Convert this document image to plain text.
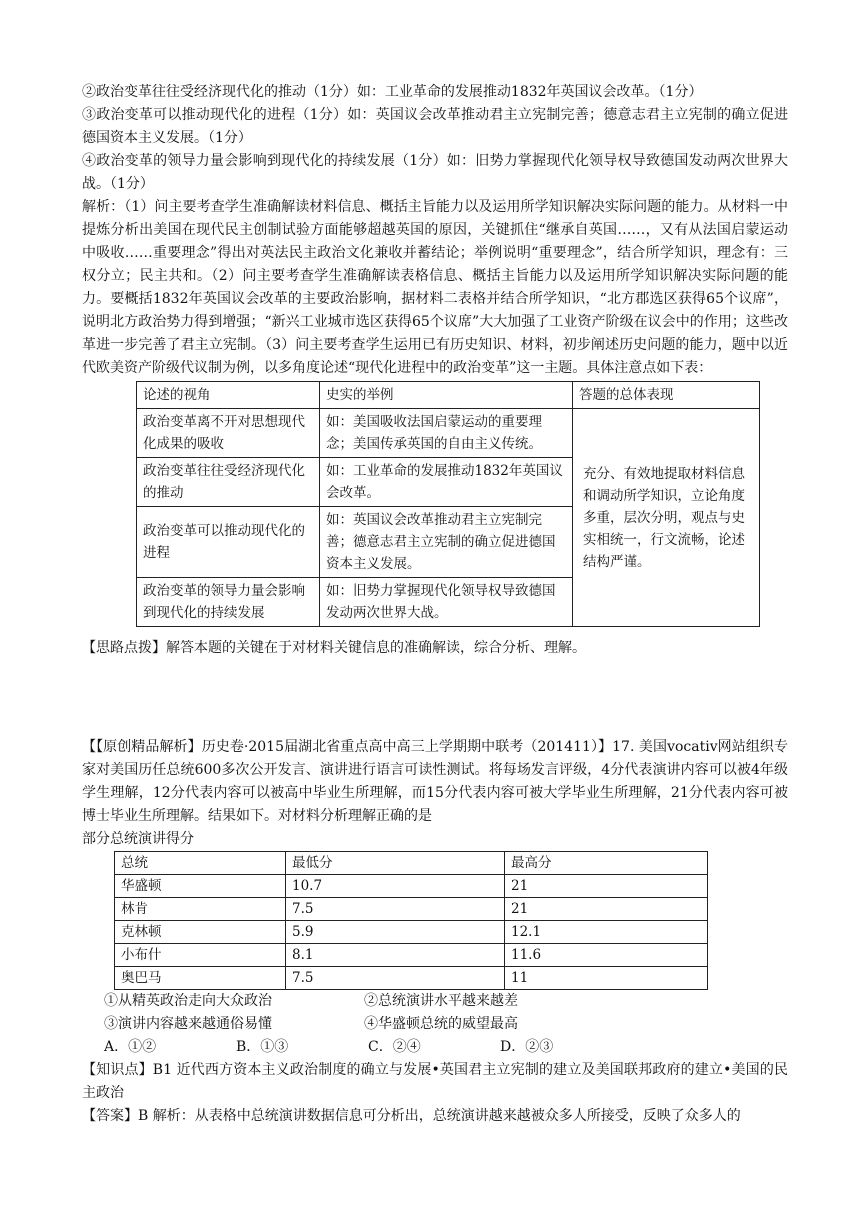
②政治变革往往受经济现代化的推动（1分）如：工业革命的发展推动1832年英国议会改革。（1分）

③政治变革可以推动现代化的进程（1分）如：英国议会改革推动君主立宪制完善；德意志君主立宪制的确立促进德国资本主义发展。（1分）

④政治变革的领导力量会影响到现代化的持续发展（1分）如：旧势力掌握现代化领导权导致德国发动两次世界大战。（1分）

解析：（1）问主要考查学生准确解读材料信息、概括主旨能力以及运用所学知识解决实际问题的能力。从材料一中提炼分析出美国在现代民主创制试验方面能够超越英国的原因，关键抓住“继承自英国……，又有从法国启蒙运动中吸收……重要理念”得出对英法民主政治文化兼收并蓄结论；举例说明“重要理念”，结合所学知识，理念有：三权分立；民主共和。（2）问主要考查学生准确解读表格信息、概括主旨能力以及运用所学知识解决实际问题的能力。要概括1832年英国议会改革的主要政治影响，据材料二表格并结合所学知识，“北方郡选区获得65个议席”，说明北方政治势力得到增强；“新兴工业城市选区获得65个议席”大大加强了工业资产阶级在议会中的作用；这些改革进一步完善了君主立宪制。（3）问主要考查学生运用已有历史知识、材料，初步阐述历史问题的能力，题中以近代欧美资产阶级代议制为例，以多角度论述“现代化进程中的政治变革”这一主题。具体注意点如下表：

论述的视角	史实的举例	答题的总体表现
政治变革离不开对思想现代化成果的吸收	如：美国吸收法国启蒙运动的重要理念；美国传承英国的自由主义传统。	充分、有效地提取材料信息和调动所学知识，立论角度多重，层次分明，观点与史实相统一，行文流畅，论述结构严谨。
政治变革往往受经济现代化的推动	如：工业革命的发展推动1832年英国议会改革。	
政治变革可以推动现代化的进程	如：英国议会改革推动君主立宪制完善；德意志君主立宪制的确立促进德国资本主义发展。	
政治变革的领导力量会影响到现代化的持续发展	如：旧势力掌握现代化领导权导致德国发动两次世界大战。	

【思路点拨】解答本题的关键在于对材料关键信息的准确解读，综合分析、理解。

【【原创精品解析】历史卷·2015届湖北省重点高中高三上学期期中联考（201411）】17. 美国vocativ网站组织专家对美国历任总统600多次公开发言、演讲进行语言可读性测试。将每场发言评级，4分代表演讲内容可以被4年级学生理解，12分代表内容可以被高中毕业生所理解，而15分代表内容可被大学毕业生所理解，21分代表内容可被博士毕业生所理解。结果如下。对材料分析理解正确的是

部分总统演讲得分

总统	最低分	最高分
华盛顿	10.7	21
林肯	7.5	21
克林顿	5.9	12.1
小布什	8.1	11.6
奥巴马	7.5	11
①从精英政治走向大众政治	②总统演讲水平越来越差
③演讲内容越来越通俗易懂	④华盛顿总统的威望最高
A．①②	B．①③	C．②④	D．②③

【知识点】B1 近代西方资本主义政治制度的确立与发展•英国君主立宪制的建立及美国联邦政府的建立•美国的民主政治

【答案】B 解析：从表格中总统演讲数据信息可分析出，总统演讲越来越被众多人所接受，反映了众多人的
